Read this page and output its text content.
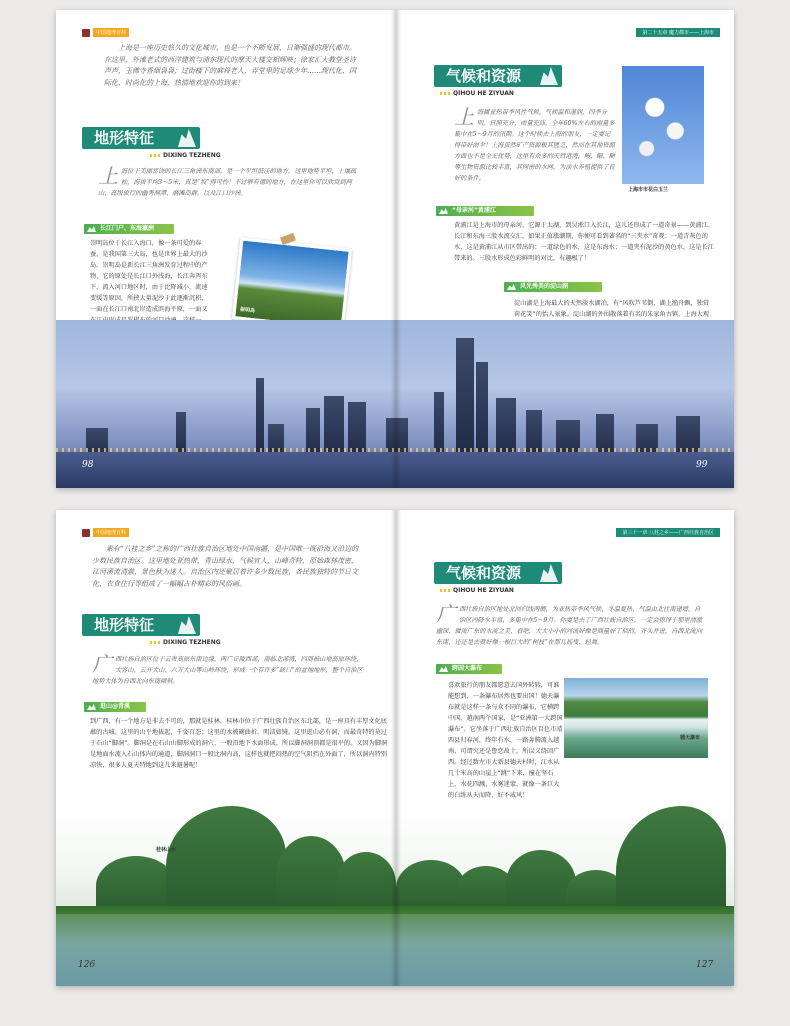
中国地理百科
上海是一座历史悠久的文化城市，也是一个不断发展、日渐强盛的现代都市。在这里，外滩老式的西洋建筑与浦东现代的摩天大楼交相辉映；徐家汇大教堂圣诗声声，玉佛寺香烟袅袅；过街楼下的麻将老人，弄堂里的足球少年……现代化、国际化、时尚化的上海，热情地欢迎你的到来！
地形特征
DIXING TEZHENG
上 海位于美丽富饶的长江三角洲东南部，是一个平坦低洼的地方。这里地势平坦，土壤疏松，海拔平均3～5米，真是“坂”得可怜！不过够有德的地方，在这里你可以欣赏到两山、高级旅行的幽秀洞潭、磨滩岛群，以及江口沙洲。
长江门户、东海瀛洲
崇明岛位于长江入海口，像一条可爱的春蚕，是我国第三大岛，也是世界上最大的沙岛。崇明岛是新长江三角洲发育过程中的产物，它的原处是长江口外浅海，长江奔泻东下，流入河口地区时，由于比降减小，流速变缓等原因，所挟大量泥沙于此逐渐沉积，一面在长江口南北岸造成滨海平原，一面又	崇明岛
第二十五章 魔力都市——上海市
气候和资源
QIHOU HE ZIYUAN
上 海属亚热带季风性气候，气候温和湿润，四季分明，日照充分，雨量充沛，全年60%左右的雨量多集中在5～9月的汛期。这个时候去上海的朋友，一定要记得带好雨伞！上海虽然矿产资源极其匮乏，然而在其他资源方面也不是全无优势，这里有众多的天然港湾，鳗、鲳、鲥等生物资源比较丰富，其网密的水网，为淡水养殖提供了良好的条件。
上海市市花白玉兰
“母亲河”黄浦江
黄浦江是上海市的母亲河，它源于太湖，到吴淞口入长江，这儿还形成了一道奇景——黄浦江、长江和东海三股水流交汇，如果正值涨潮期，你便可看到著名的“三夹水”奇观：一道青灰色的水，这是黄浦江从市区带出的；一道绿色的水，这是东海水；一道夹有泥沙的黄色水，这是长江带来的。三股水形成色彩鲜明的对比，有趣极了！
风光秀美的淀山湖
淀山湖是上海最大的天然淡水湖泊，有“风吹芦苇倒，湖上渔舟飘，独赏荷花笑”的怡人景象。淀山湖的外围散落着有名的朱家角古镇、上海大观
98	99
中国地理百科
素有“八桂之乡”之称的广西壮族自治区地处中国南疆，是中国唯一既沿海又沿边的少数民族自治区。这里地处亚热带，青山绿水，气候宜人，山峰奇特，原始森林茂密，江河溪流清澈，景色秋为迷人。自治区内还聚居着许多少数民族，各民族独特的节日文化、衣食住行等组成了一幅幅古朴精彩的风俗画。
地形特征
DIXING TEZHENG
广 西壮族自治区位于云贵高原东南边缘，两广丘陵西部，南临北部湾，四周被山地高原环绕，大容山、云开大山、六万大山等山岭环绕，形成一个有许多“缺口”的盆地地形，整个自治区地势大体为自西北向东南倾斜。
逛山@青溪
到广西，有一个地方是非去不可的，那就是桂林。桂林市位于广西壮族自治区东北部，是一座具有丰厚文化底蕴的古城。这里的山平地拔起，千姿百态；这里的水被碗曲折，明洁如镜。这里逛山必有洞，而最奇特的莫过于石山“脚洞”。脚洞是在石山山脚形成的洞穴，一般沿地下水面形成，所以脚洞洞顶都是很平的。又因为脚洞是地面水流入石山体内的通道，脚洞洞口一般比洞内高，这样也就把闷热的空气阻挡在外面了，所以洞内特别凉快，很多人夏天特地到这儿来避暑呢！
第三十一章 八桂之乡——广西壮族自治区
气候和资源
QIHOU HE ZIYUAN
广 西壮族自治区地处北回归线两侧，为亚热带季风气候，冬温夏热，气温由北往南递增，自治区内降水丰富，多集中在5～9月。你要是去了广西壮族自治区，一定会惊讶于那里清澈幽深、微流广东的水流之美，看吧，大大小小的河流好像是商量好了似的，齐头并进，自西北流向东南，还还是去就好像一根巨大的“树枝”在那儿摇曳、轻舞。
跨国大瀑布
喜欢旅行的朋友都愿意去国外转转，可谁能想到，一条瀑布居然也要出国！德天瀑布就是这样一条与众不同的瀑布，它横跨中国、越南两个国家，是“亚洲第一大跨国瀑布”。它坐落于广西壮族自治区百色市靖西县归春河，终年有水，一路奔腾流入越南，可谓究还是鲁恋故土，所以又绕回广西。经过数左市大新县德天村时，江水从几十米高的山崖上“跳”下来，撞在坚石上，水花四溅，水雾迷蒙，就像一条巨大的白练从天而降，好不威风！
德天瀑布
桂林山水
126	127
